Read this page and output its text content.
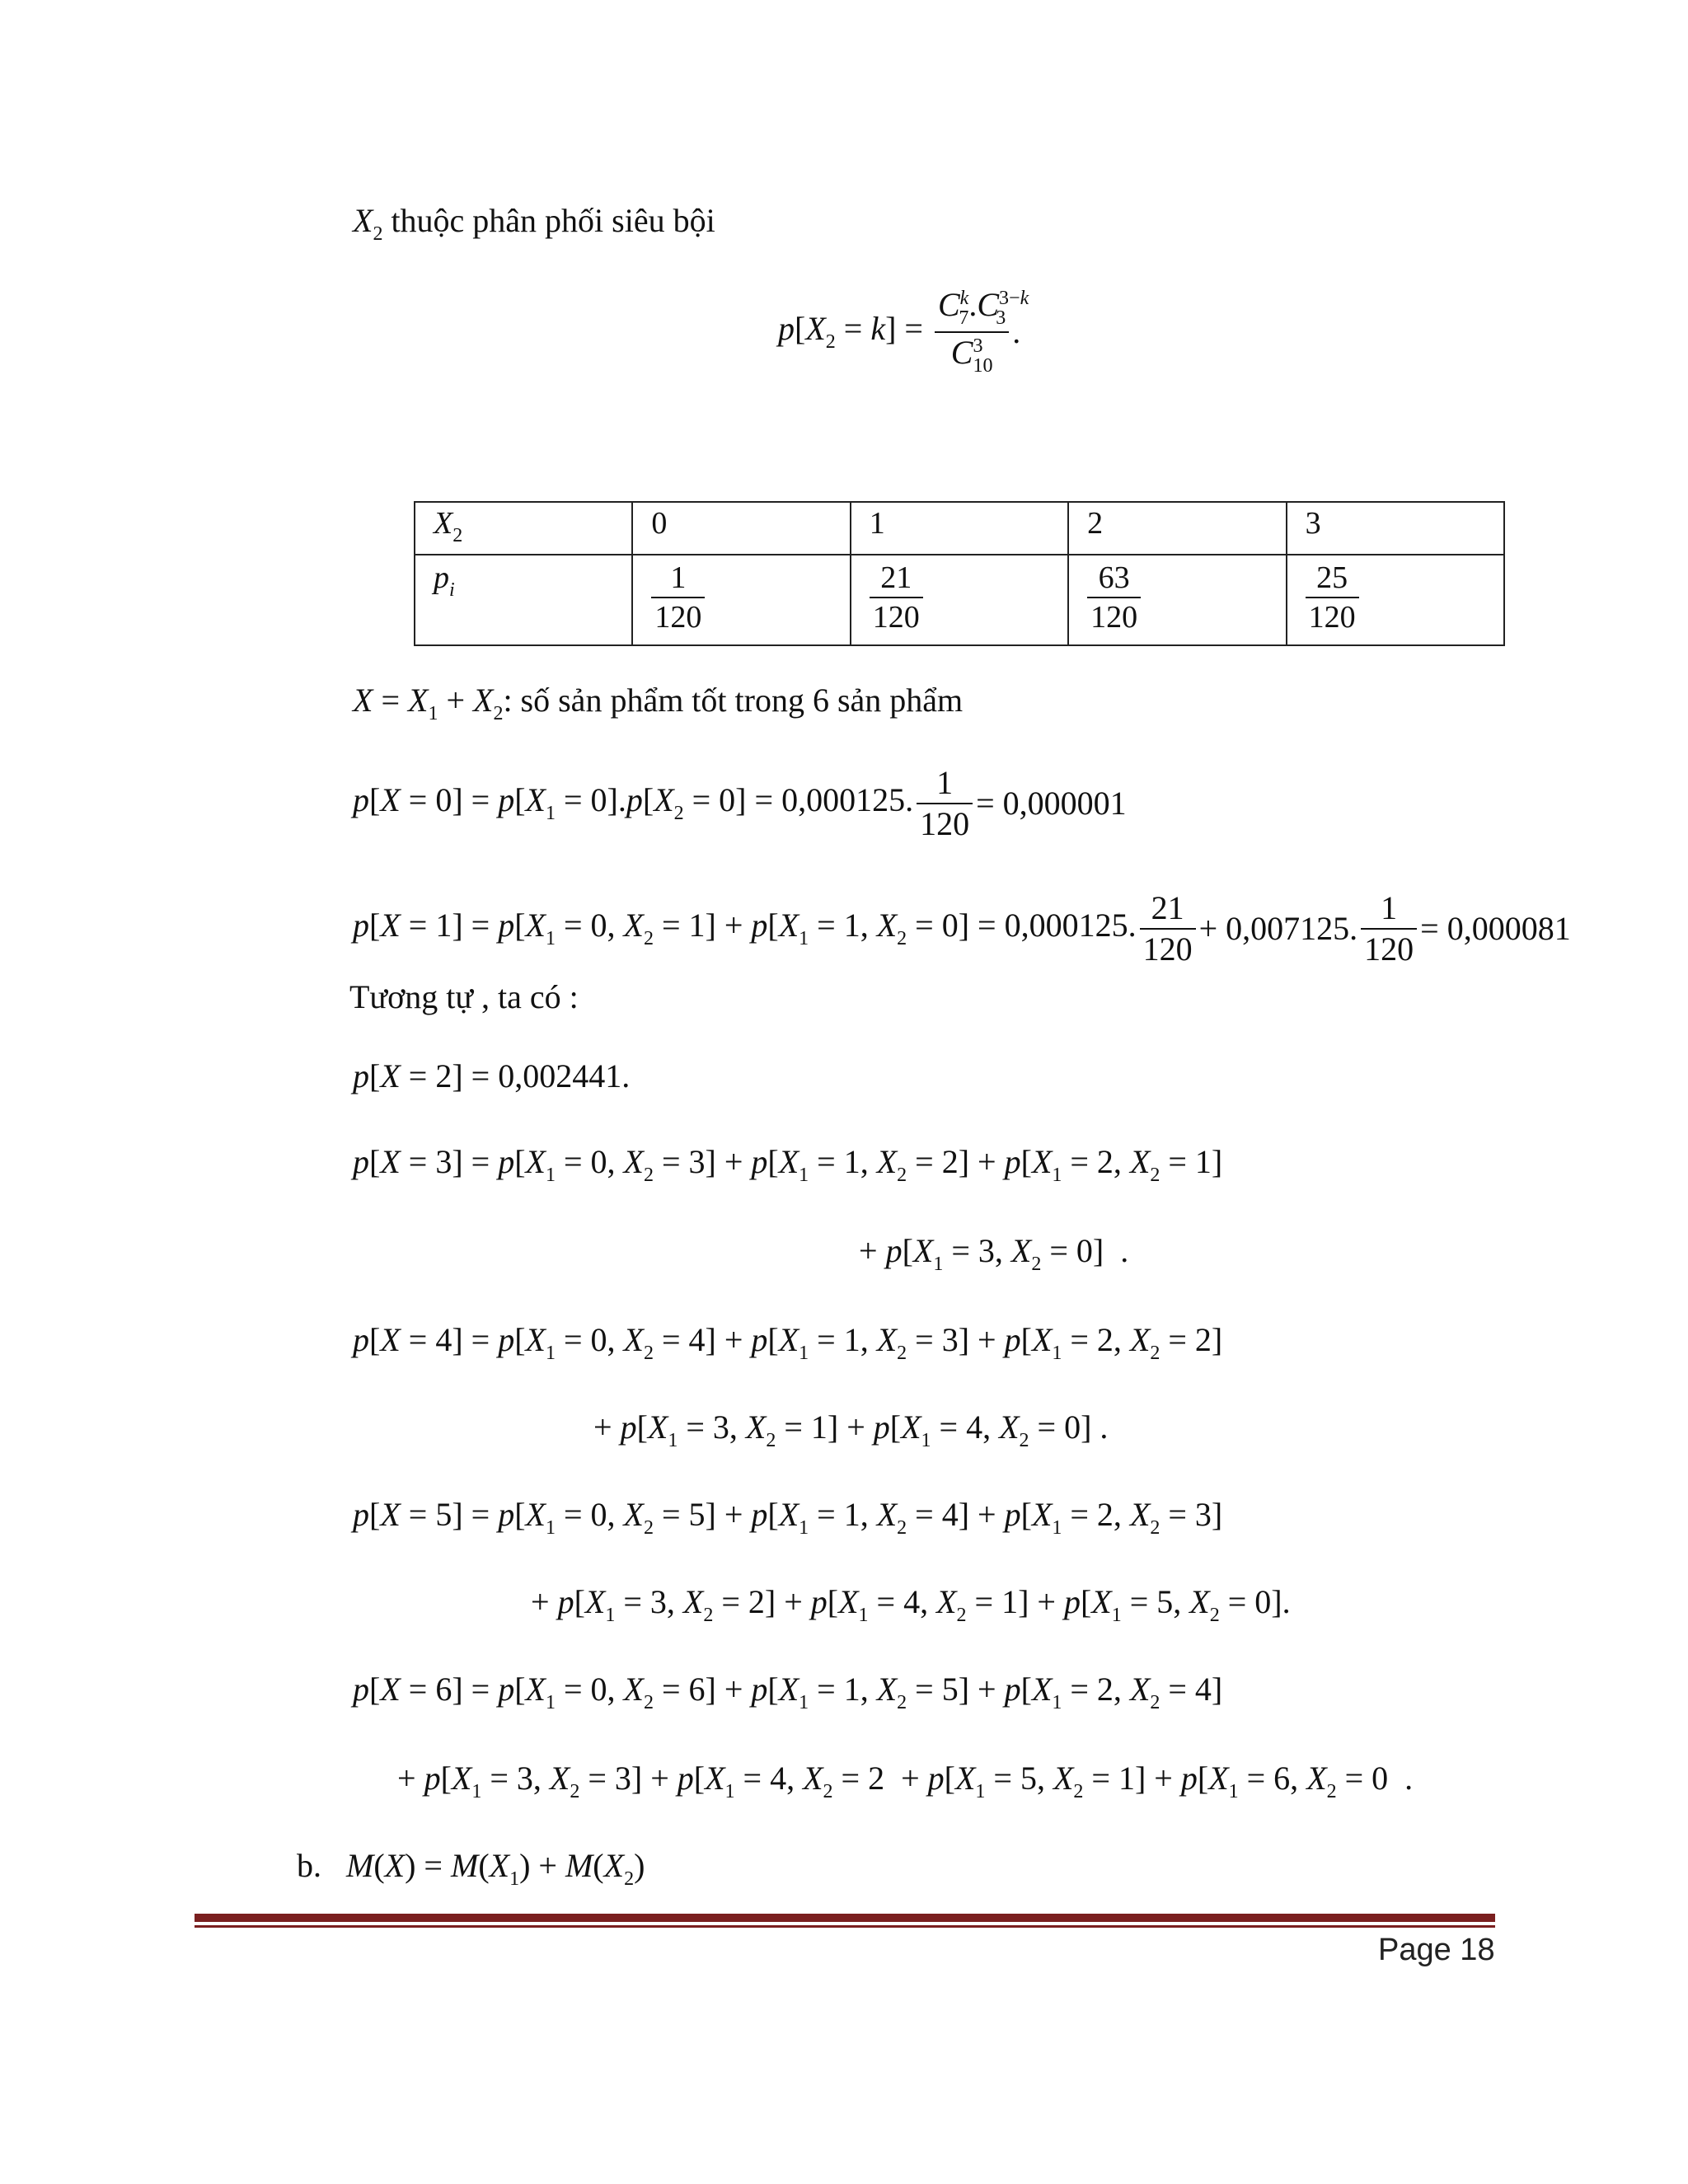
$X_2$ thuộc phân phối siêu bội
$p[X_2 = k] = \frac{C^k_7.C^{3-k}_3}{C^3_{10}}$ .
$X_2$	0	1	2	3
$p_i$	$\frac{1}{120}$	$\frac{21}{120}$	$\frac{63}{120}$	$\frac{25}{120}$
$X = X_1 + X_2$: số sản phẩm tốt trong 6 sản phẩm
$p[X = 0] = p[X_1 = 0].p[X_2 = 0] = 0,000125$. $\frac{1}{120} = 0,000001$
$p[X = 1] = p[X_1 = 0$, $X_2 = 1] + p[X_1 = 1$, $X_2 = 0] = 0,000125$. $\frac{21}{120} + 0,007125$. $\frac{1}{120} = 0,000081$
Tương tự , ta có :
p[X = 2] = 0,002441.
$p[X = 3] = p[X_1 = 0$, $X_2 = 3] + p[X_1 = 1$, $X_2 = 2] + p[X_1 = 2$, $X_2 = 1$]
+ $p[X_1 = 3$, $X_2 = 0$]  .
$p[X = 4] = p[X_1 = 0$, $X_2 = 4] + p[X_1 = 1$, $X_2 = 3] + p[X_1 = 2$, $X_2 = 2$]
+ $p[X_1 = 3$, $X_2 = 1] + p[X_1 = 4$, $X_2 = 0$] .
$p[X = 5] = p[X_1 = 0$, $X_2 = 5] + p[X_1 = 1$, $X_2 = 4] + p[X_1 = 2$, $X_2 = 3$]
+ $p[X_1 = 3$, $X_2 = 2] + p[X_1 = 4$, $X_2 = 1] + p[X_1 = 5$, $X_2 = 0$].
$p[X = 6] = p[X_1 = 0$, $X_2 = 6] + p[X_1 = 1$, $X_2 = 5] + p[X_1 = 2$, $X_2 = 4$]
+ $p[X_1 = 3$, $X_2 = 3] + p[X_1 = 4$, $X_2 = 2 + p[X_1 = 5$, $X_2 = 1] + p[X_1 = 6$, $X_2 = 0$  .
b. $M(X) = M(X_1) + M(X_2)$
Page 18
